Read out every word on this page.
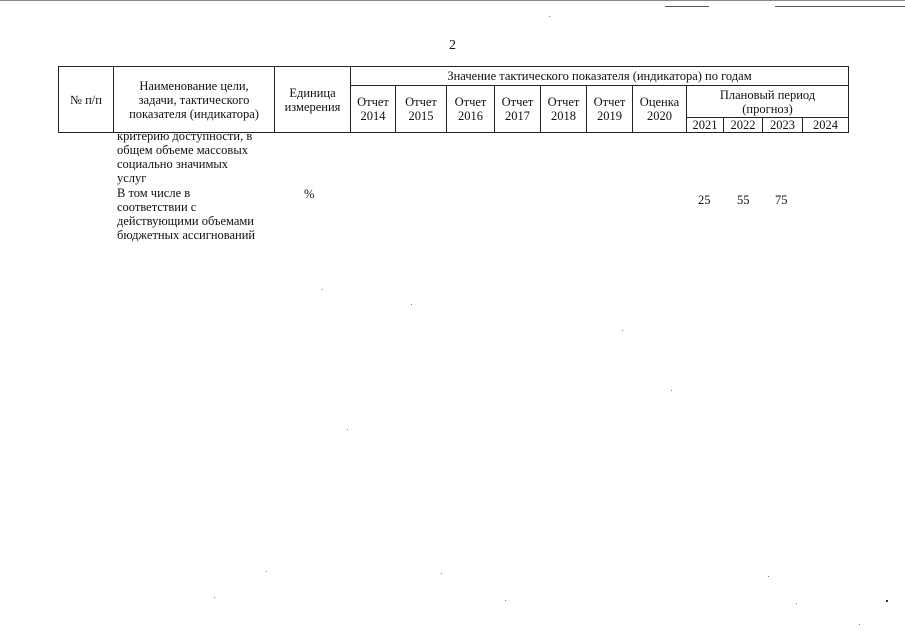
2
№ п/п
Наименование цели,
задачи, тактического
показателя (индикатора)
Единица
измерения
Значение тактического показателя (индикатора) по годам
Отчет
2014
Отчет
2015
Отчет
2016
Отчет
2017
Отчет
2018
Отчет
2019
Оценка
2020
Плановый период
(прогноз)
2021 2022 2023 2024
критерию доступности, в
общем объеме массовых
социально значимых
услуг
В том числе в
соответствии с
действующими объемами
бюджетных ассигнований
%	25 55 75
